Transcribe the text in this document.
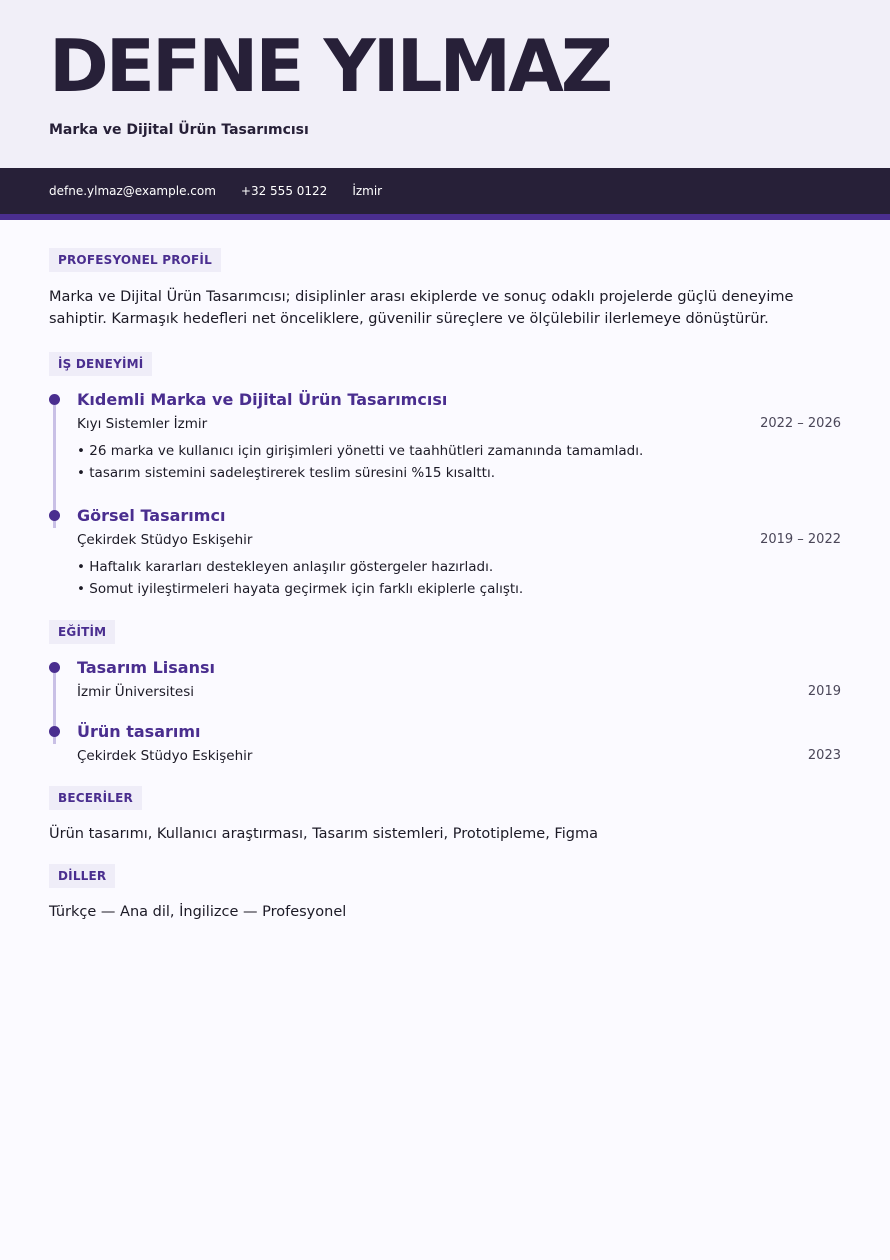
DEFNE YILMAZ
Marka ve Dijital Ürün Tasarımcısı
defne.ylmaz@example.com +32 555 0122 İzmir
PROFESYONEL PROFİL

Marka ve Dijital Ürün Tasarımcısı; disiplinler arası ekiplerde ve sonuç odaklı projelerde güçlü deneyime sahiptir. Karmaşık hedefleri net önceliklere, güvenilir süreçlere ve ölçülebilir ilerlemeye dönüştürür.

İŞ DENEYİMİ
Kıdemli Marka ve Dijital Ürün Tasarımcısı
Kıyı Sistemler İzmir	2022 – 2026
• 26 marka ve kullanıcı için girişimleri yönetti ve taahhütleri zamanında tamamladı.
• tasarım sistemini sadeleştirerek teslim süresini %15 kısalttı.
Görsel Tasarımcı
Çekirdek Stüdyo Eskişehir	2019 – 2022
• Haftalık kararları destekleyen anlaşılır göstergeler hazırladı.
• Somut iyileştirmeleri hayata geçirmek için farklı ekiplerle çalıştı.
EĞİTİM
Tasarım Lisansı
İzmir Üniversitesi	2019
Ürün tasarımı
Çekirdek Stüdyo Eskişehir	2023
BECERİLER

Ürün tasarımı, Kullanıcı araştırması, Tasarım sistemleri, Prototipleme, Figma

DİLLER

Türkçe — Ana dil, İngilizce — Profesyonel
